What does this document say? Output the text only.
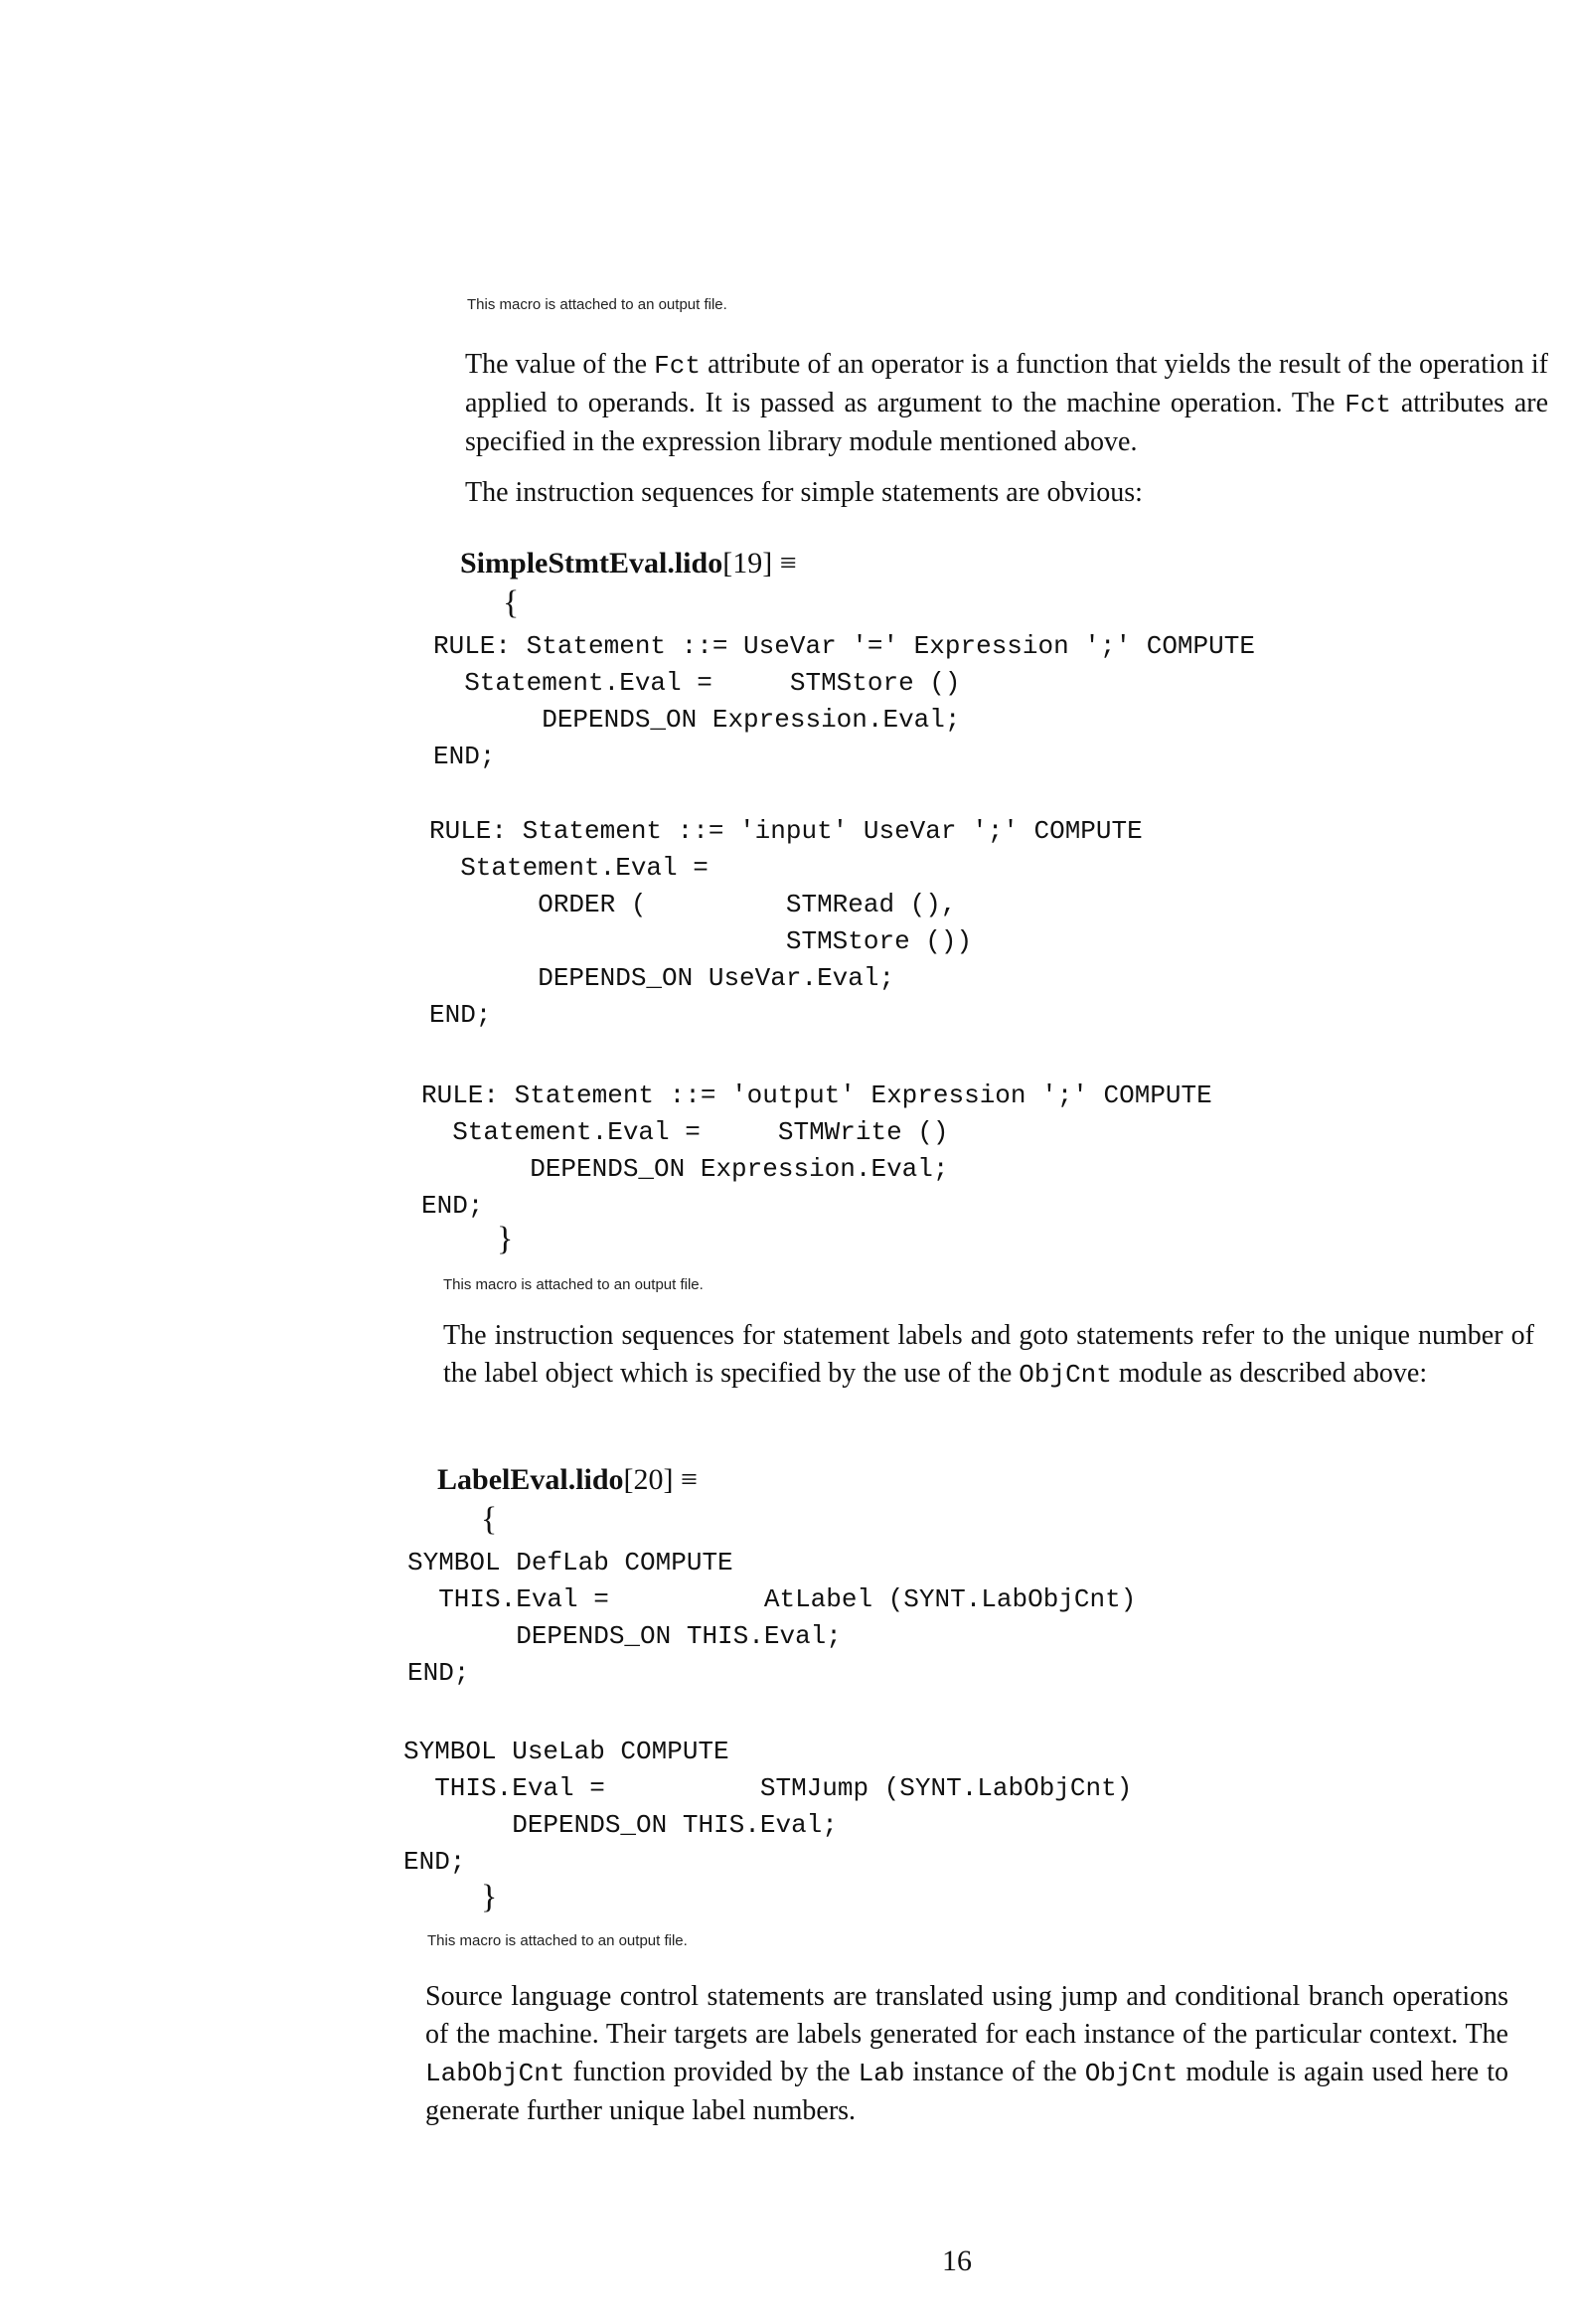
This macro is attached to an output file.

The value of the Fct attribute of an operator is a function that yields the result of the operation if applied to operands. It is passed as argument to the machine operation. The Fct attributes are specified in the expression library module mentioned above.

The instruction sequences for simple statements are obvious:

SimpleStmtEval.lido[19] ≡
{
RULE: Statement ::= UseVar '=' Expression ';' COMPUTE
Statement.Eval =     STMStore ()
DEPENDS_ON Expression.Eval;
END;
RULE: Statement ::= 'input' UseVar ';' COMPUTE
Statement.Eval =
ORDER (         STMRead (),
STMStore ())
DEPENDS_ON UseVar.Eval;
END;
RULE: Statement ::= 'output' Expression ';' COMPUTE
Statement.Eval =     STMWrite ()
DEPENDS_ON Expression.Eval;
END;
}
This macro is attached to an output file.

The instruction sequences for statement labels and goto statements refer to the unique number of the label object which is specified by the use of the ObjCnt module as described above:

LabelEval.lido[20] ≡
{
SYMBOL DefLab COMPUTE
THIS.Eval =          AtLabel (SYNT.LabObjCnt)
DEPENDS_ON THIS.Eval;
END;
SYMBOL UseLab COMPUTE
THIS.Eval =          STMJump (SYNT.LabObjCnt)
DEPENDS_ON THIS.Eval;
END;
}
This macro is attached to an output file.

Source language control statements are translated using jump and conditional branch operations of the machine. Their targets are labels generated for each instance of the particular context. The LabObjCnt function provided by the Lab instance of the ObjCnt module is again used here to generate further unique label numbers.

16
